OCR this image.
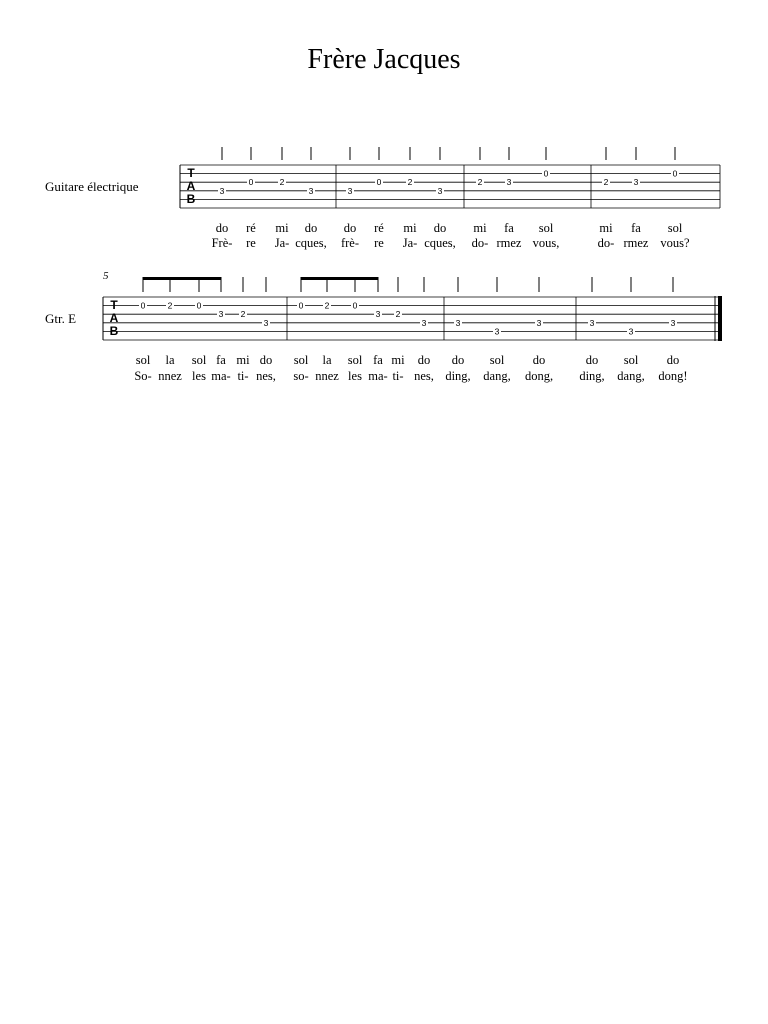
Frère Jacques
T
A
B
Guitare électrique	3
do
Frè-
0
ré
re
2
mi
Ja-
3
do
cques,
3
do
frè-
0
ré
re
2
mi
Ja-
3
do
cques,
2
mi
do-
3
fa
rmez
0
sol
vous,
2
mi
do-
3
fa
rmez
0
sol
vous?
T
A
B
Gtr. E
5
0
sol
So-
2
la
nnez
0
sol
les
3
fa
ma-
2
mi
ti-
3
do
nes,
0
sol
so-
2
la
nnez
0
sol
les
3
fa
ma-
2
mi
ti-
3
do
nes,
3
do
ding,
3
sol
dang,
3
do
dong,
3
do
ding,
3
sol
dang,
3
do
dong!
